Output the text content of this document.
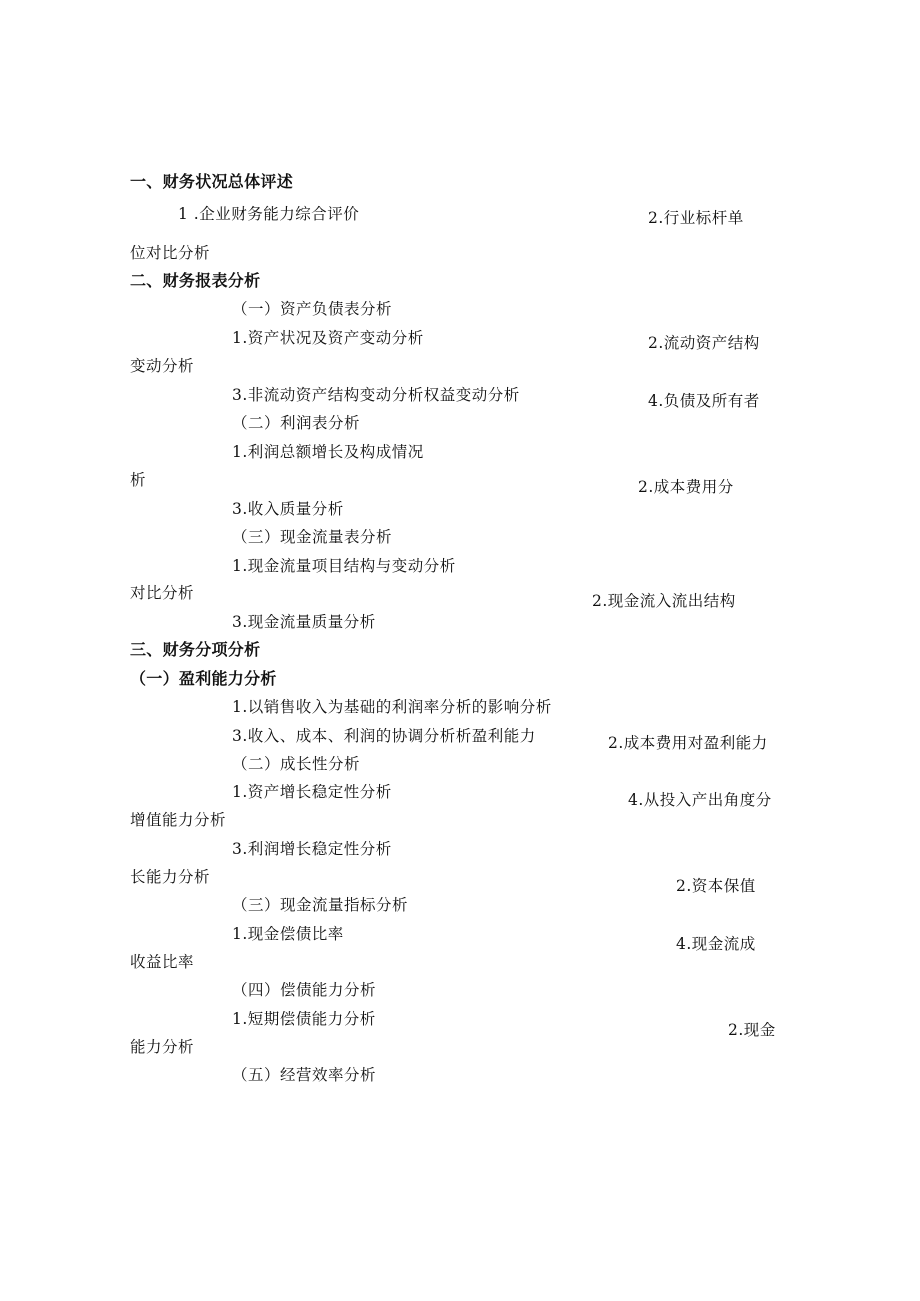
一、财务状况总体评述
1 .企业财务能力综合评价	2.行业标杆单
位对比分析
二、财务报表分析
（一）资产负债表分析
1.资产状况及资产变动分析	2.流动资产结构
变动分析
3.非流动资产结构变动分析权益变动分析	4.负债及所有者
（二）利润表分析
1.利润总额增长及构成情况
析	2.成本费用分
3.收入质量分析
（三）现金流量表分析
1.现金流量项目结构与变动分析
对比分析	2.现金流入流出结构
3.现金流量质量分析
三、财务分项分析
（一）盈利能力分析
1.以销售收入为基础的利润率分析的影响分析
3.收入、成本、利润的协调分析析盈利能力	2.成本费用对盈利能力
（二）成长性分析
1.资产增长稳定性分析	4.从投入产出角度分
增值能力分析
3.利润增长稳定性分析
长能力分析	2.资本保值
（三）现金流量指标分析
1.现金偿债比率
4.现金流成
收益比率
（四）偿债能力分析
1.短期偿债能力分析
2.现金
能力分析
（五）经营效率分析
